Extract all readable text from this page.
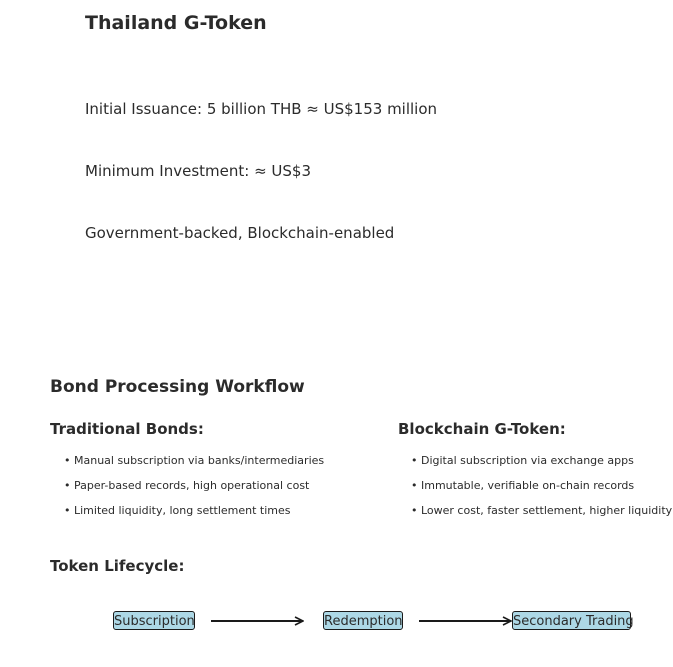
Thailand G-Token
Initial Issuance: 5 billion THB ≈ US$153 million
Minimum Investment: ≈ US$3
Government-backed, Blockchain-enabled
Bond Processing Workflow
Traditional Bonds:
• Manual subscription via banks/intermediaries
• Paper-based records, high operational cost
• Limited liquidity, long settlement times
Blockchain G-Token:
• Digital subscription via exchange apps
• Immutable, verifiable on-chain records
• Lower cost, faster settlement, higher liquidity
Token Lifecycle:
Subscription	Redemption	Secondary Trading
